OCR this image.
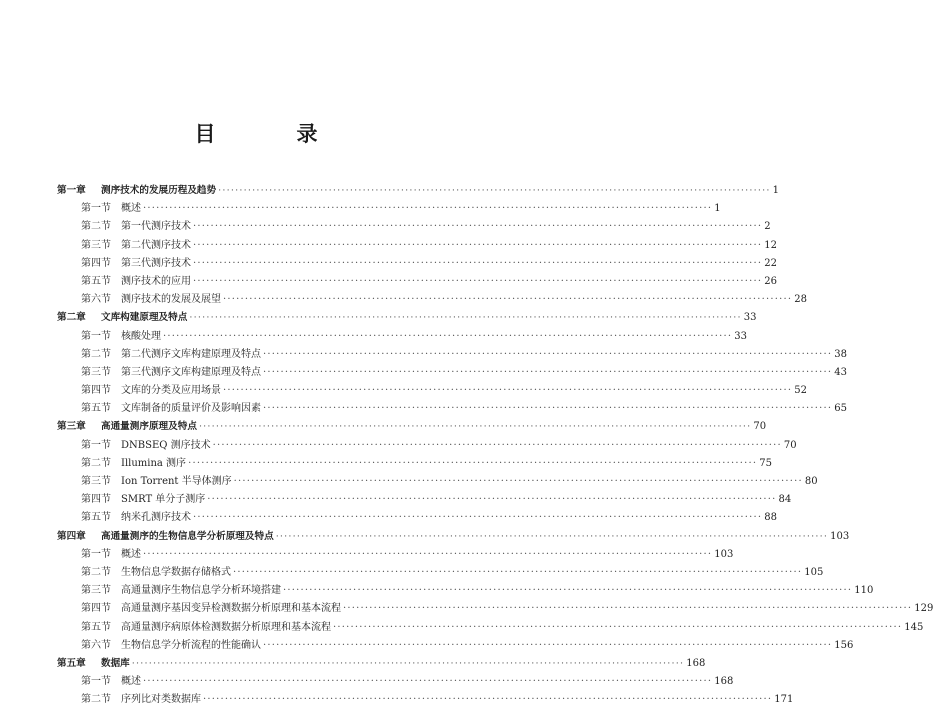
目　录
第一章	测序技术的发展历程及趋势 ·····	1
第一节	概述 ·····	1
第二节	第一代测序技术 ·····	2
第三节	第二代测序技术 ·····	12
第四节	第三代测序技术 ·····	22
第五节	测序技术的应用 ·····	26
第六节	测序技术的发展及展望 ·····	28
第二章	文库构建原理及特点 ·····	33
第一节	核酸处理 ·····	33
第二节	第二代测序文库构建原理及特点 ·····	38
第三节	第三代测序文库构建原理及特点 ·····	43
第四节	文库的分类及应用场景 ·····	52
第五节	文库制备的质量评价及影响因素 ·····	65
第三章	高通量测序原理及特点 ·····	70
第一节	DNBSEQ 测序技术 ·····	70
第二节	Illumina 测序 ·····	75
第三节	Ion Torrent 半导体测序 ·····	80
第四节	SMRT 单分子测序 ·····	84
第五节	纳米孔测序技术 ·····	88
第四章	高通量测序的生物信息学分析原理及特点 ·····	103
第一节	概述 ·····	103
第二节	生物信息学数据存储格式 ·····	105
第三节	高通量测序生物信息学分析环境搭建 ·····	110
第四节	高通量测序基因变异检测数据分析原理和基本流程 ·····	129
第五节	高通量测序病原体检测数据分析原理和基本流程 ·····	145
第六节	生物信息学分析流程的性能确认 ·····	156
第五章	数据库 ·····	168
第一节	概述 ·····	168
第二节	序列比对类数据库 ·····	171
